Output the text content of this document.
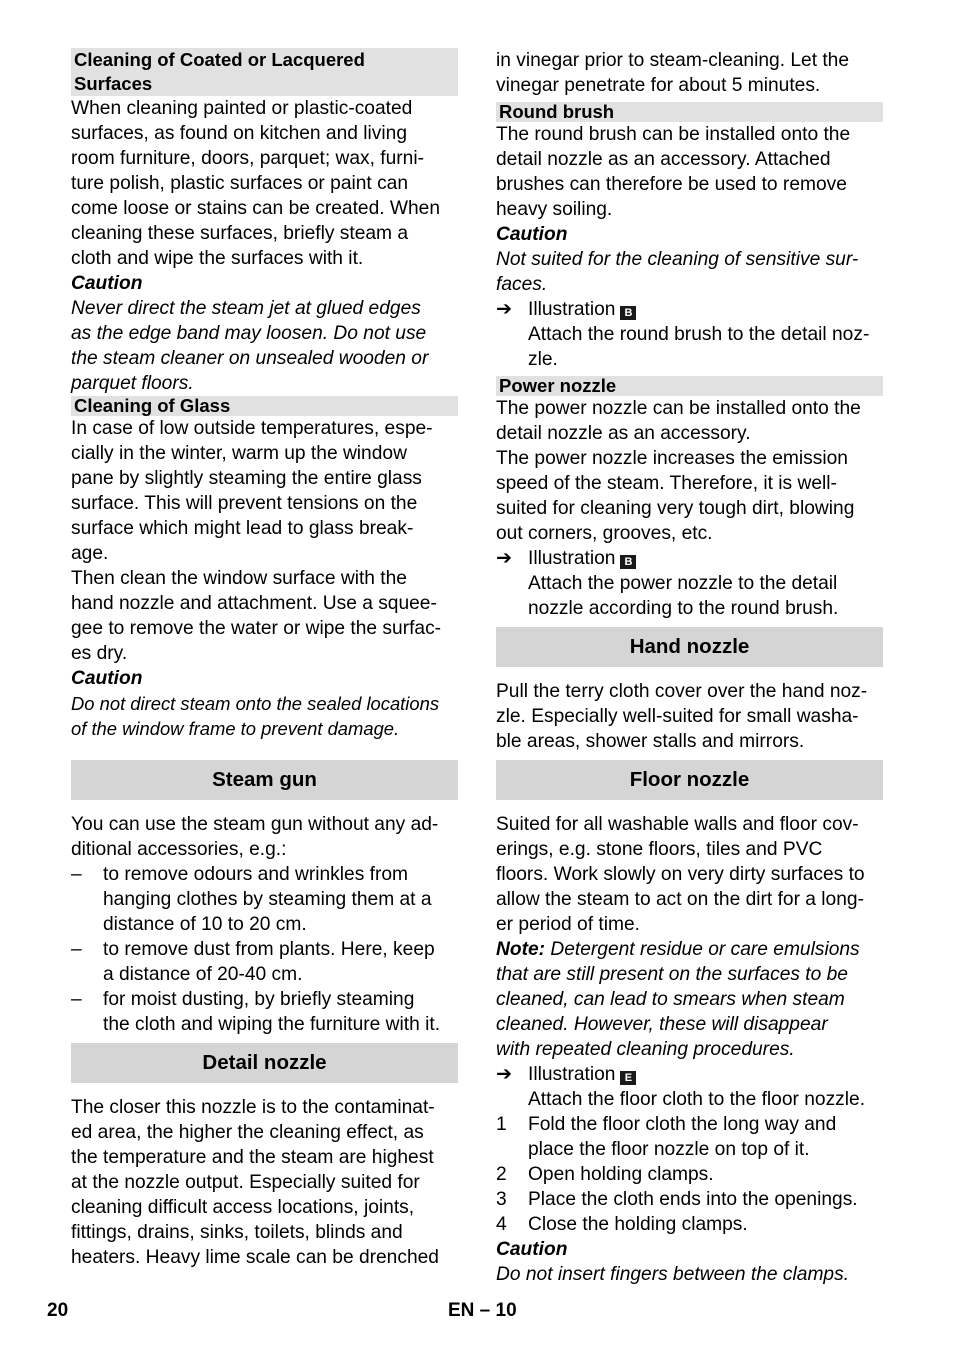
Cleaning of Coated or Lacquered
Surfaces
When cleaning painted or plastic-coated
surfaces, as found on kitchen and living
room furniture, doors, parquet; wax, furni-
ture polish, plastic surfaces or paint can
come loose or stains can be created. When
cleaning these surfaces, briefly steam a
cloth and wipe the surfaces with it.
Caution
Never direct the steam jet at glued edges
as the edge band may loosen. Do not use
the steam cleaner on unsealed wooden or
parquet floors.
Cleaning of Glass
In case of low outside temperatures, espe-
cially in the winter, warm up the window
pane by slightly steaming the entire glass
surface. This will prevent tensions on the
surface which might lead to glass break-
age.
Then clean the window surface with the
hand nozzle and attachment. Use a squee-
gee to remove the water or wipe the surfac-
es dry.
Caution
Do not direct steam onto the sealed locations
of the window frame to prevent damage.
Steam gun
You can use the steam gun without any ad-
ditional accessories, e.g.:
–	to remove odours and wrinkles from
hanging clothes by steaming them at a
distance of 10 to 20 cm.
–	to remove dust from plants. Here, keep
a distance of 20-40 cm.
–	for moist dusting, by briefly steaming
the cloth and wiping the furniture with it.
Detail nozzle
The closer this nozzle is to the contaminat-
ed area, the higher the cleaning effect, as
the temperature and the steam are highest
at the nozzle output. Especially suited for
cleaning difficult access locations, joints,
fittings, drains, sinks, toilets, blinds and
heaters. Heavy lime scale can be drenched
in vinegar prior to steam-cleaning. Let the
vinegar penetrate for about 5 minutes.
Round brush
The round brush can be installed onto the
detail nozzle as an accessory. Attached
brushes can therefore be used to remove
heavy soiling.
Caution
Not suited for the cleaning of sensitive sur-
faces.
➔ Illustration B
Attach the round brush to the detail noz-
zle.
Power nozzle
The power nozzle can be installed onto the
detail nozzle as an accessory.
The power nozzle increases the emission
speed of the steam. Therefore, it is well-
suited for cleaning very tough dirt, blowing
out corners, grooves, etc.
➔ Illustration B
Attach the power nozzle to the detail
nozzle according to the round brush.
Hand nozzle
Pull the terry cloth cover over the hand noz-
zle. Especially well-suited for small washa-
ble areas, shower stalls and mirrors.
Floor nozzle
Suited for all washable walls and floor cov-
erings, e.g. stone floors, tiles and PVC
floors. Work slowly on very dirty surfaces to
allow the steam to act on the dirt for a long-
er period of time.
Note: Detergent residue or care emulsions
that are still present on the surfaces to be
cleaned, can lead to smears when steam
cleaned. However, these will disappear
with repeated cleaning procedures.
➔ Illustration E
Attach the floor cloth to the floor nozzle.
1	Fold the floor cloth the long way and
place the floor nozzle on top of it.
2	Open holding clamps.
3	Place the cloth ends into the openings.
4	Close the holding clamps.
Caution
Do not insert fingers between the clamps.
20	EN – 10
